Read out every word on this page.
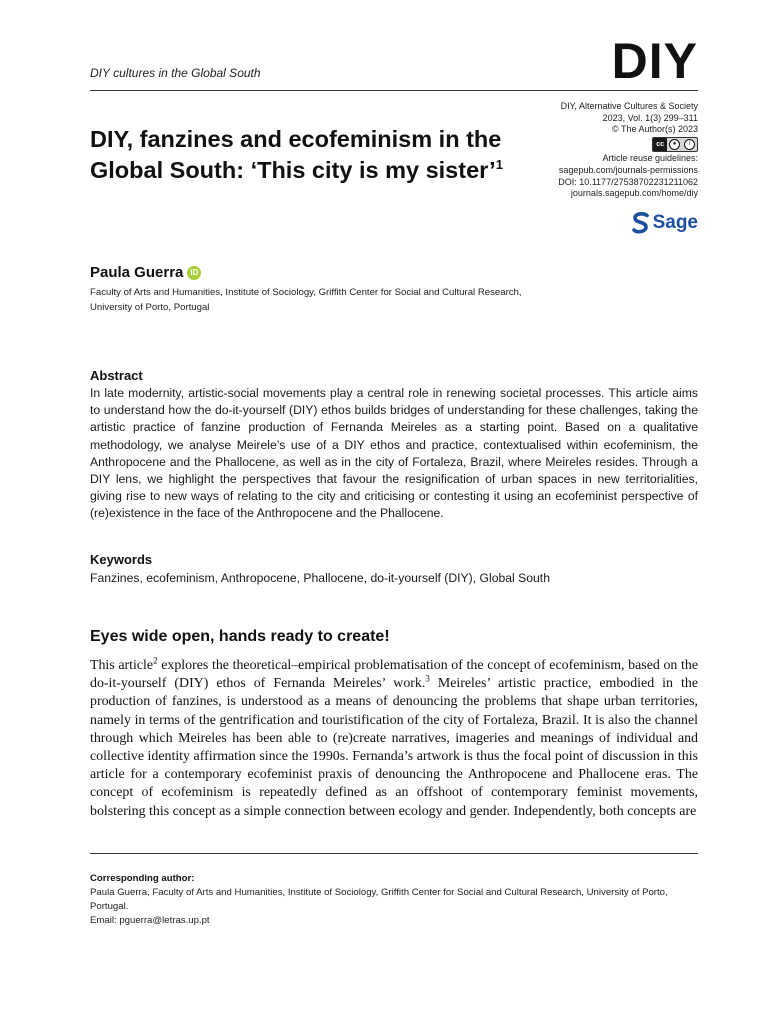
DIY cultures in the Global South	DIY
DIY, fanzines and ecofeminism in the Global South: ‘This city is my sister’$^1$
DIY, Alternative Cultures & Society
2023, Vol. 1(3) 299–311
© The Author(s) 2023
cc	●	i
Article reuse guidelines:
sagepub.com/journals-permissions
DOI: 10.1177/27538702231211062
journals.sagepub.com/home/diy
Sage
Paula Guerra iD
Faculty of Arts and Humanities, Institute of Sociology, Griffith Center for Social and Cultural Research, University of Porto, Portugal
Abstract

In late modernity, artistic-social movements play a central role in renewing societal processes. This article aims to understand how the do-it-yourself (DIY) ethos builds bridges of understanding for these challenges, taking the artistic practice of fanzine production of Fernanda Meireles as a starting point. Based on a qualitative methodology, we analyse Meirele’s use of a DIY ethos and practice, contextualised within ecofeminism, the Anthropocene and the Phallocene, as well as in the city of Fortaleza, Brazil, where Meireles resides. Through a DIY lens, we highlight the perspectives that favour the resignification of urban spaces in new territorialities, giving rise to new ways of relating to the city and criticising or contesting it using an ecofeminist perspective of (re)existence in the face of the Anthropocene and the Phallocene.

Keywords
Fanzines, ecofeminism, Anthropocene, Phallocene, do-it-yourself (DIY), Global South
Eyes wide open, hands ready to create!

This article$^2$ explores the theoretical–empirical problematisation of the concept of ecofeminism, based on the do-it-yourself (DIY) ethos of Fernanda Meireles’ work.$^3$ Meireles’ artistic practice, embodied in the production of fanzines, is understood as a means of denouncing the problems that shape urban territories, namely in terms of the gentrification and touristification of the city of Fortaleza, Brazil. It is also the channel through which Meireles has been able to (re)create narratives, imageries and meanings of individual and collective identity affirmation since the 1990s. Fernanda’s artwork is thus the focal point of discussion in this article for a contemporary ecofeminist praxis of denouncing the Anthropocene and Phallocene eras. The concept of ecofeminism is repeatedly defined as an offshoot of contemporary feminist movements, bolstering this concept as a simple connection between ecology and gender. Independently, both concepts are

Corresponding author:
Paula Guerra, Faculty of Arts and Humanities, Institute of Sociology, Griffith Center for Social and Cultural Research, University of Porto, Portugal.
Email: pguerra@letras.up.pt
